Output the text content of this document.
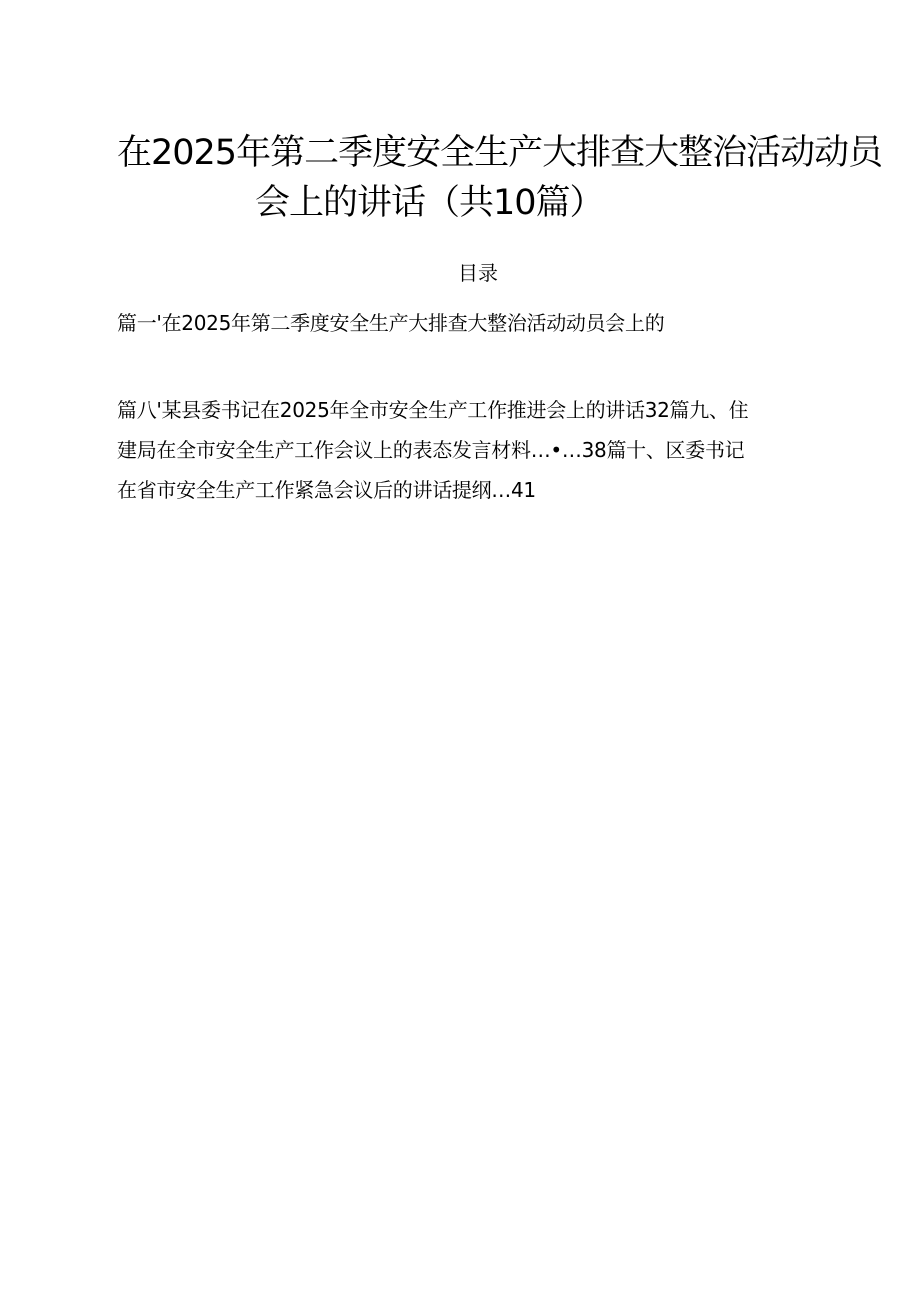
在2025年第二季度安全生产大排查大整治活动动员
会上的讲话（共10篇）
目录
篇一'在2025年第二季度安全生产大排查大整治活动动员会上的
篇八'某县委书记在2025年全市安全生产工作推进会上的讲话32篇九、住
建局在全市安全生产工作会议上的表态发言材料…•…38篇十、区委书记
在省市安全生产工作紧急会议后的讲话提纲…41
